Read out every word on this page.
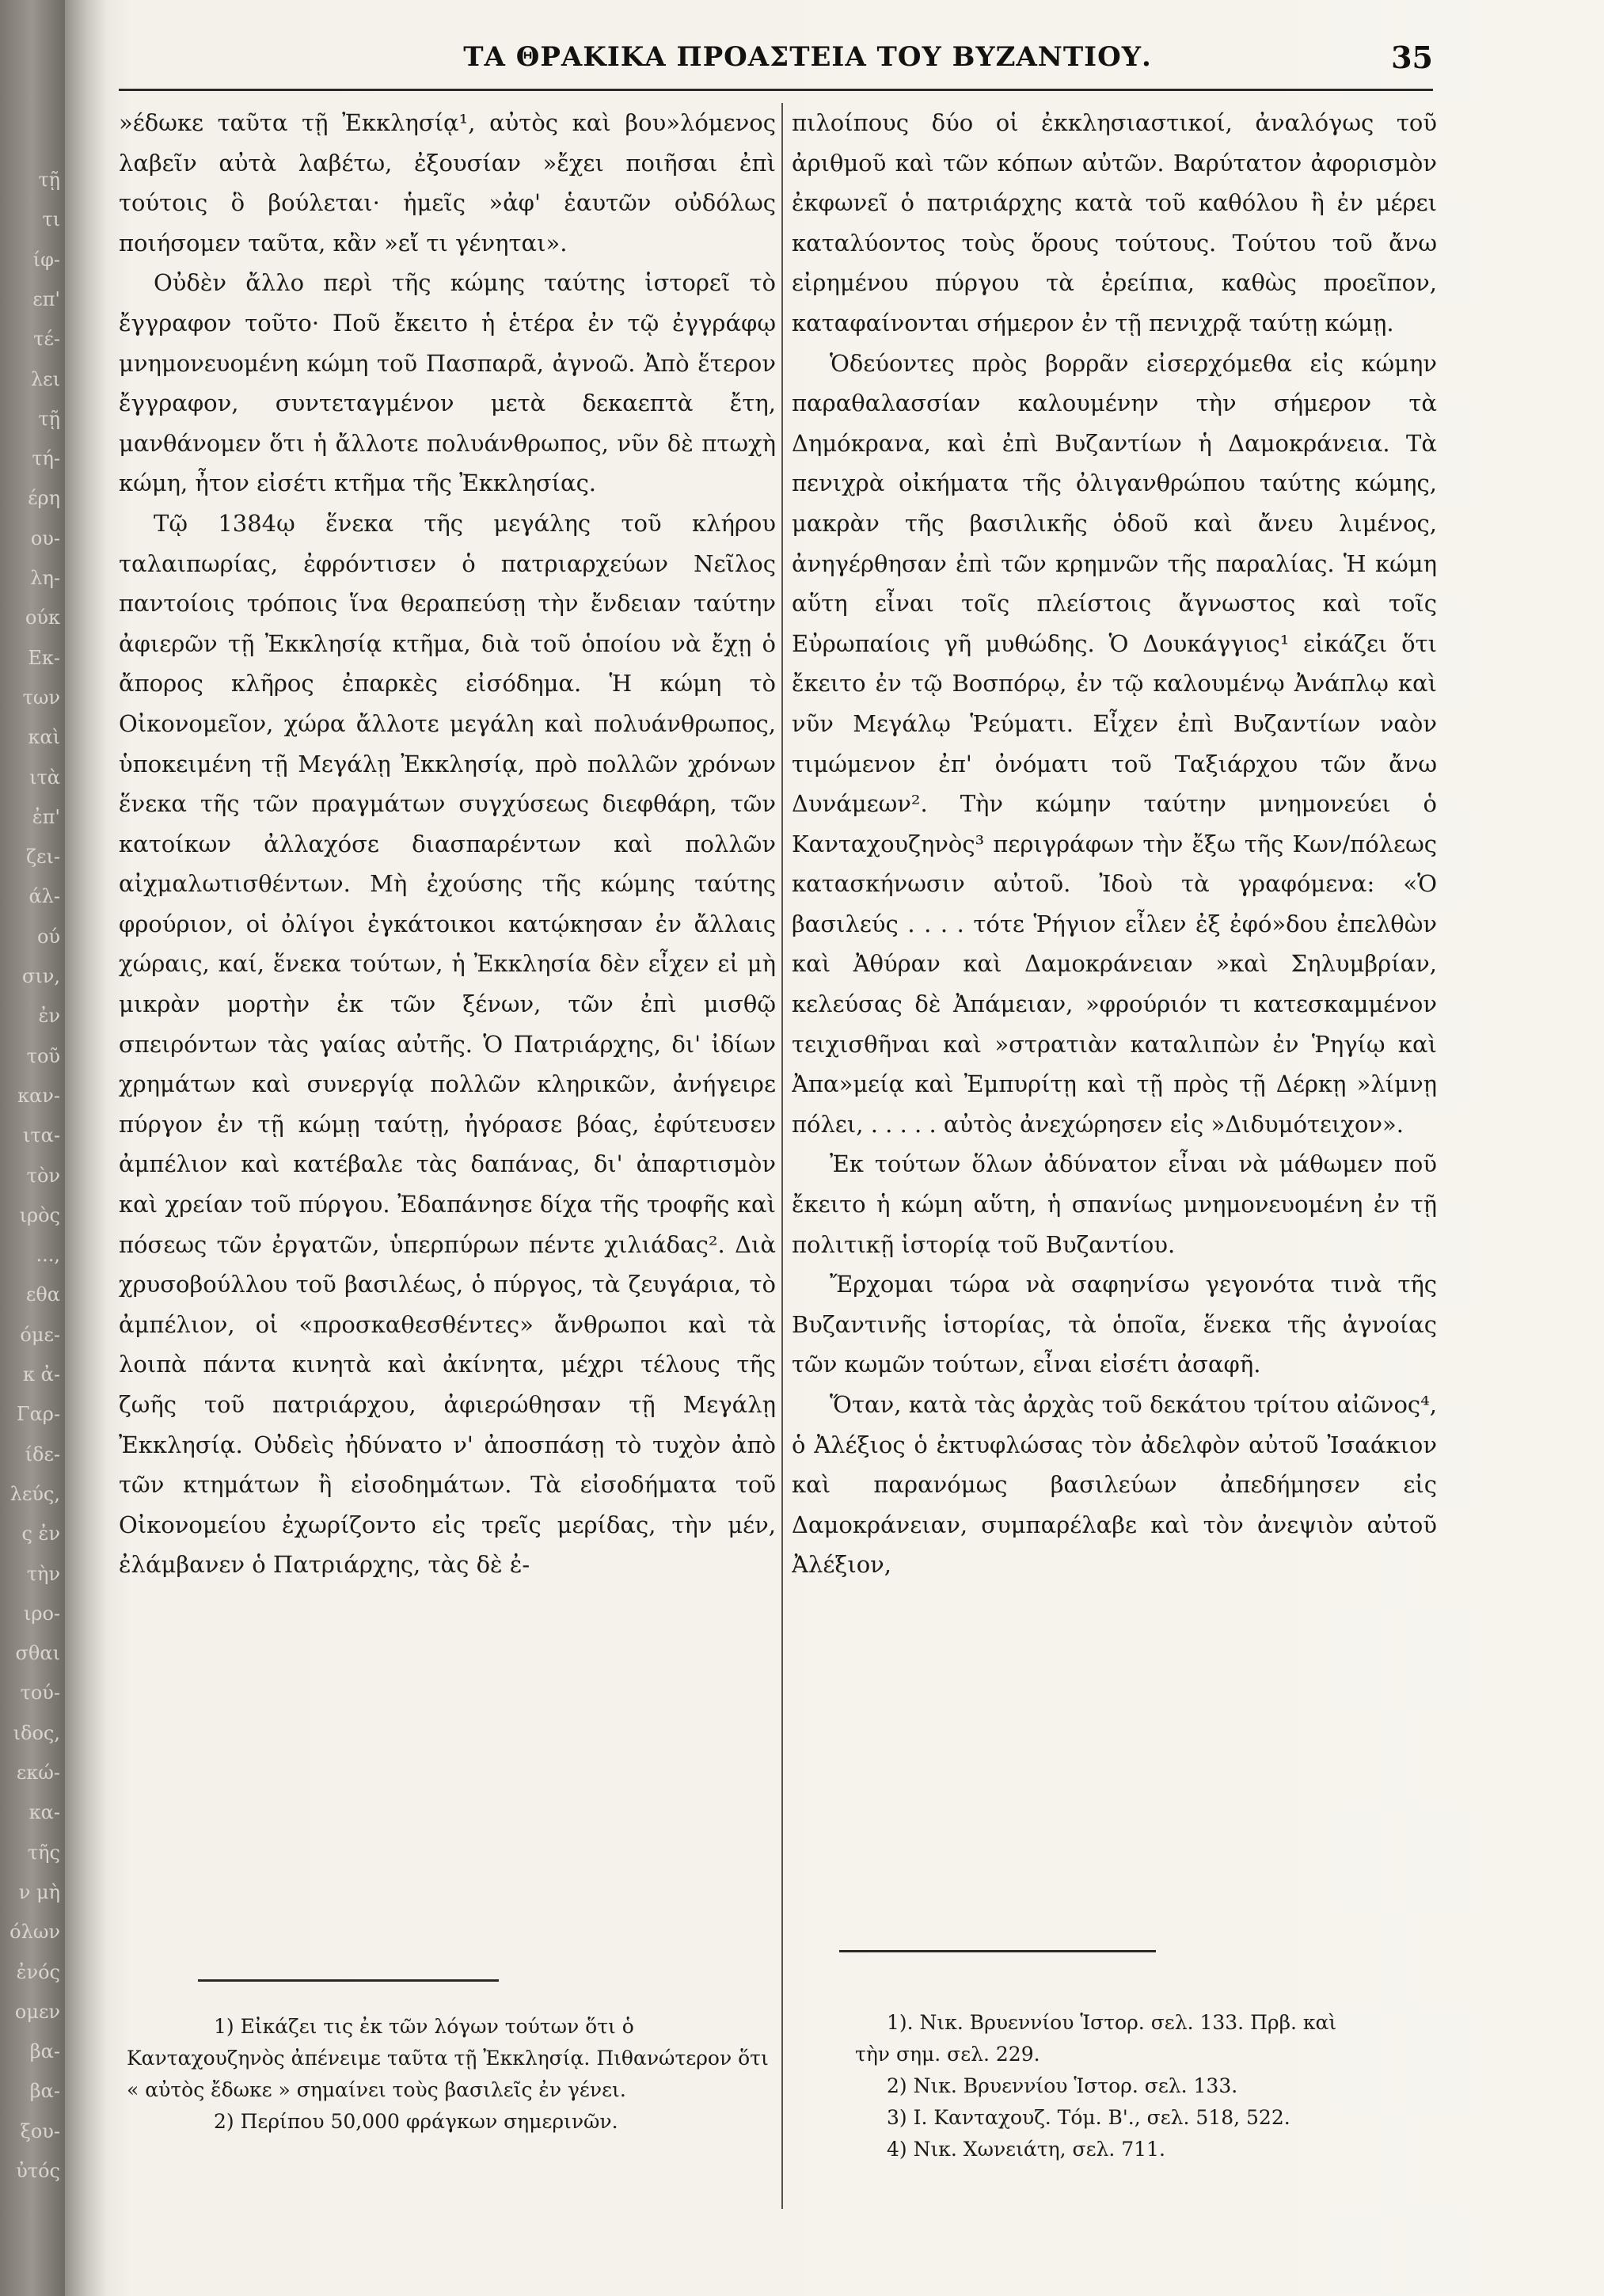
τῇ
τι
ίφ-
επ'
τέ-
λει
τῇ
τή-
έρη
ου-
λη-
ούκ
Εκ-
των
καὶ
ιτὰ
ἐπ'
ζει-
άλ-
ού
σιν,
ἐν
τοῦ
καν-
ιτα-
τὸν
ιρὸς
...,
εθα
όμε-
κ ἀ-
Γαρ-
ίδε-
λεύς,
ς ἐν
τὴν
ιρο-
σθαι
τού-
ιδος,
εκώ-
κα-
τῆς
ν μὴ
όλων
ἐνός
ομεν
βα-
βα-
ξου-
ὐτός
ΤΑ ΘΡΑΚΙΚΑ ΠΡΟΑΣΤΕΙΑ ΤΟΥ ΒΥΖΑΝΤΙΟΥ.	35

»έδωκε ταῦτα τῇ Ἐκκλησίᾳ¹, αὐτὸς καὶ βου»λόμενος λαβεῖν αὐτὰ λαβέτω, ἐξουσίαν »ἔχει ποιῆσαι ἐπὶ τούτοις ὃ βούλεται· ἡμεῖς »ἀφ' ἑαυτῶν οὐδόλως ποιήσομεν ταῦτα, κἂν »εἴ τι γένηται».

Οὐδὲν ἄλλο περὶ τῆς κώμης ταύτης ἱστορεῖ τὸ ἔγγραφον τοῦτο· Ποῦ ἔκειτο ἡ ἑτέρα ἐν τῷ ἐγγράφῳ μνημονευομένη κώμη τοῦ Πασπαρᾶ, ἀγνοῶ. Ἀπὸ ἕτερον ἔγγραφον, συντεταγμένον μετὰ δεκαεπτὰ ἔτη, μανθάνομεν ὅτι ἡ ἄλλοτε πολυάνθρωπος, νῦν δὲ πτωχὴ κώμη, ἦτον εἰσέτι κτῆμα τῆς Ἐκκλησίας.

Τῷ 1384ῳ ἕνεκα τῆς μεγάλης τοῦ κλήρου ταλαιπωρίας, ἐφρόντισεν ὁ πατριαρχεύων Νεῖλος παντοίοις τρόποις ἵνα θεραπεύσῃ τὴν ἔνδειαν ταύτην ἀφιερῶν τῇ Ἐκκλησίᾳ κτῆμα, διὰ τοῦ ὁποίου νὰ ἔχῃ ὁ ἄπορος κλῆρος ἐπαρκὲς εἰσόδημα. Ἡ κώμη τὸ Οἰκονομεῖον, χώρα ἄλλοτε μεγάλη καὶ πολυάνθρωπος, ὑποκειμένη τῇ Μεγάλῃ Ἐκκλησίᾳ, πρὸ πολλῶν χρόνων ἕνεκα τῆς τῶν πραγμάτων συγχύσεως διεφθάρη, τῶν κατοίκων ἀλλαχόσε διασπαρέντων καὶ πολλῶν αἰχμαλωτισθέντων. Μὴ ἐχούσης τῆς κώμης ταύτης φρούριον, οἱ ὀλίγοι ἐγκάτοικοι κατῴκησαν ἐν ἄλλαις χώραις, καί, ἕνεκα τούτων, ἡ Ἐκκλησία δὲν εἶχεν εἰ μὴ μικρὰν μορτὴν ἐκ τῶν ξένων, τῶν ἐπὶ μισθῷ σπειρόντων τὰς γαίας αὐτῆς. Ὁ Πατριάρχης, δι' ἰδίων χρημάτων καὶ συνεργίᾳ πολλῶν κληρικῶν, ἀνήγειρε πύργον ἐν τῇ κώμῃ ταύτῃ, ἠγόρασε βόας, ἐφύτευσεν ἀμπέλιον καὶ κατέβαλε τὰς δαπάνας, δι' ἀπαρτισμὸν καὶ χρείαν τοῦ πύργου. Ἐδαπάνησε δίχα τῆς τροφῆς καὶ πόσεως τῶν ἐργατῶν, ὑπερπύρων πέντε χιλιάδας². Διὰ χρυσοβούλλου τοῦ βασιλέως, ὁ πύργος, τὰ ζευγάρια, τὸ ἀμπέλιον, οἱ «προσκαθεσθέντες» ἄνθρωποι καὶ τὰ λοιπὰ πάντα κινητὰ καὶ ἀκίνητα, μέχρι τέλους τῆς ζωῆς τοῦ πατριάρχου, ἀφιερώθησαν τῇ Μεγάλῃ Ἐκκλησίᾳ. Οὐδεὶς ἠδύνατο ν' ἀποσπάσῃ τὸ τυχὸν ἀπὸ τῶν κτημάτων ἢ εἰσοδημάτων. Τὰ εἰσοδήματα τοῦ Οἰκονομείου ἐχωρίζοντο εἰς τρεῖς μερίδας, τὴν μέν, ἐλάμβανεν ὁ Πατριάρχης, τὰς δὲ ἐ-

πιλοίπους δύο οἱ ἐκκλησιαστικοί, ἀναλόγως τοῦ ἀριθμοῦ καὶ τῶν κόπων αὐτῶν. Βαρύτατον ἀφορισμὸν ἐκφωνεῖ ὁ πατριάρχης κατὰ τοῦ καθόλου ἢ ἐν μέρει καταλύοντος τοὺς ὅρους τούτους. Τούτου τοῦ ἄνω εἰρημένου πύργου τὰ ἐρείπια, καθὼς προεῖπον, καταφαίνονται σήμερον ἐν τῇ πενιχρᾷ ταύτῃ κώμῃ.

Ὁδεύοντες πρὸς βορρᾶν εἰσερχόμεθα εἰς κώμην παραθαλασσίαν καλουμένην τὴν σήμερον τὰ Δημόκρανα, καὶ ἐπὶ Βυζαντίων ἡ Δαμοκράνεια. Τὰ πενιχρὰ οἰκήματα τῆς ὀλιγανθρώπου ταύτης κώμης, μακρὰν τῆς βασιλικῆς ὁδοῦ καὶ ἄνευ λιμένος, ἀνηγέρθησαν ἐπὶ τῶν κρημνῶν τῆς παραλίας. Ἡ κώμη αὕτη εἶναι τοῖς πλείστοις ἄγνωστος καὶ τοῖς Εὐρωπαίοις γῆ μυθώδης. Ὁ Δουκάγγιος¹ εἰκάζει ὅτι ἔκειτο ἐν τῷ Βοσπόρῳ, ἐν τῷ καλουμένῳ Ἀνάπλῳ καὶ νῦν Μεγάλῳ Ῥεύματι. Εἶχεν ἐπὶ Βυζαντίων ναὸν τιμώμενον ἐπ' ὀνόματι τοῦ Ταξιάρχου τῶν ἄνω Δυνάμεων². Τὴν κώμην ταύτην μνημονεύει ὁ Κανταχουζηνὸς³ περιγράφων τὴν ἔξω τῆς Κων/πόλεως κατασκήνωσιν αὐτοῦ. Ἰδοὺ τὰ γραφόμενα: «Ὁ βασιλεύς . . . . τότε Ῥήγιον εἶλεν ἐξ ἐφό»δου ἐπελθὼν καὶ Ἀθύραν καὶ Δαμοκράνειαν »καὶ Σηλυμβρίαν, κελεύσας δὲ Ἀπάμειαν, »φρούριόν τι κατεσκαμμένον τειχισθῆναι καὶ »στρατιὰν καταλιπὼν ἐν Ῥηγίῳ καὶ Ἀπα»μείᾳ καὶ Ἐμπυρίτῃ καὶ τῇ πρὸς τῇ Δέρκῃ »λίμνῃ πόλει, . . . . . αὐτὸς ἀνεχώρησεν εἰς »Διδυμότειχον».

Ἐκ τούτων ὅλων ἀδύνατον εἶναι νὰ μάθωμεν ποῦ ἔκειτο ἡ κώμη αὕτη, ἡ σπανίως μνημονευομένη ἐν τῇ πολιτικῇ ἱστορίᾳ τοῦ Βυζαντίου.

Ἔρχομαι τώρα νὰ σαφηνίσω γεγονότα τινὰ τῆς Βυζαντινῆς ἱστορίας, τὰ ὁποῖα, ἕνεκα τῆς ἀγνοίας τῶν κωμῶν τούτων, εἶναι εἰσέτι ἀσαφῆ.

Ὅταν, κατὰ τὰς ἀρχὰς τοῦ δεκάτου τρίτου αἰῶνος⁴, ὁ Ἀλέξιος ὁ ἐκτυφλώσας τὸν ἀδελφὸν αὐτοῦ Ἰσαάκιον καὶ παρανόμως βασιλεύων ἀπεδήμησεν εἰς Δαμοκράνειαν, συμπαρέλαβε καὶ τὸν ἀνεψιὸν αὐτοῦ Ἀλέξιον,

1) Εἰκάζει τις ἐκ τῶν λόγων τούτων ὅτι ὁ Κανταχουζηνὸς ἀπένειμε ταῦτα τῇ Ἐκκλησίᾳ. Πιθανώτερον ὅτι « αὐτὸς ἔδωκε » σημαίνει τοὺς βασιλεῖς ἐν γένει.

2) Περίπου 50,000 φράγκων σημερινῶν.

1). Νικ. Βρυεννίου Ἱστορ. σελ. 133. Πρβ. καὶ

τὴν σημ. σελ. 229.

2) Νικ. Βρυεννίου Ἱστορ. σελ. 133.

3) Ι. Κανταχουζ. Τόμ. Β'., σελ. 518, 522.

4) Νικ. Χωνειάτη, σελ. 711.
